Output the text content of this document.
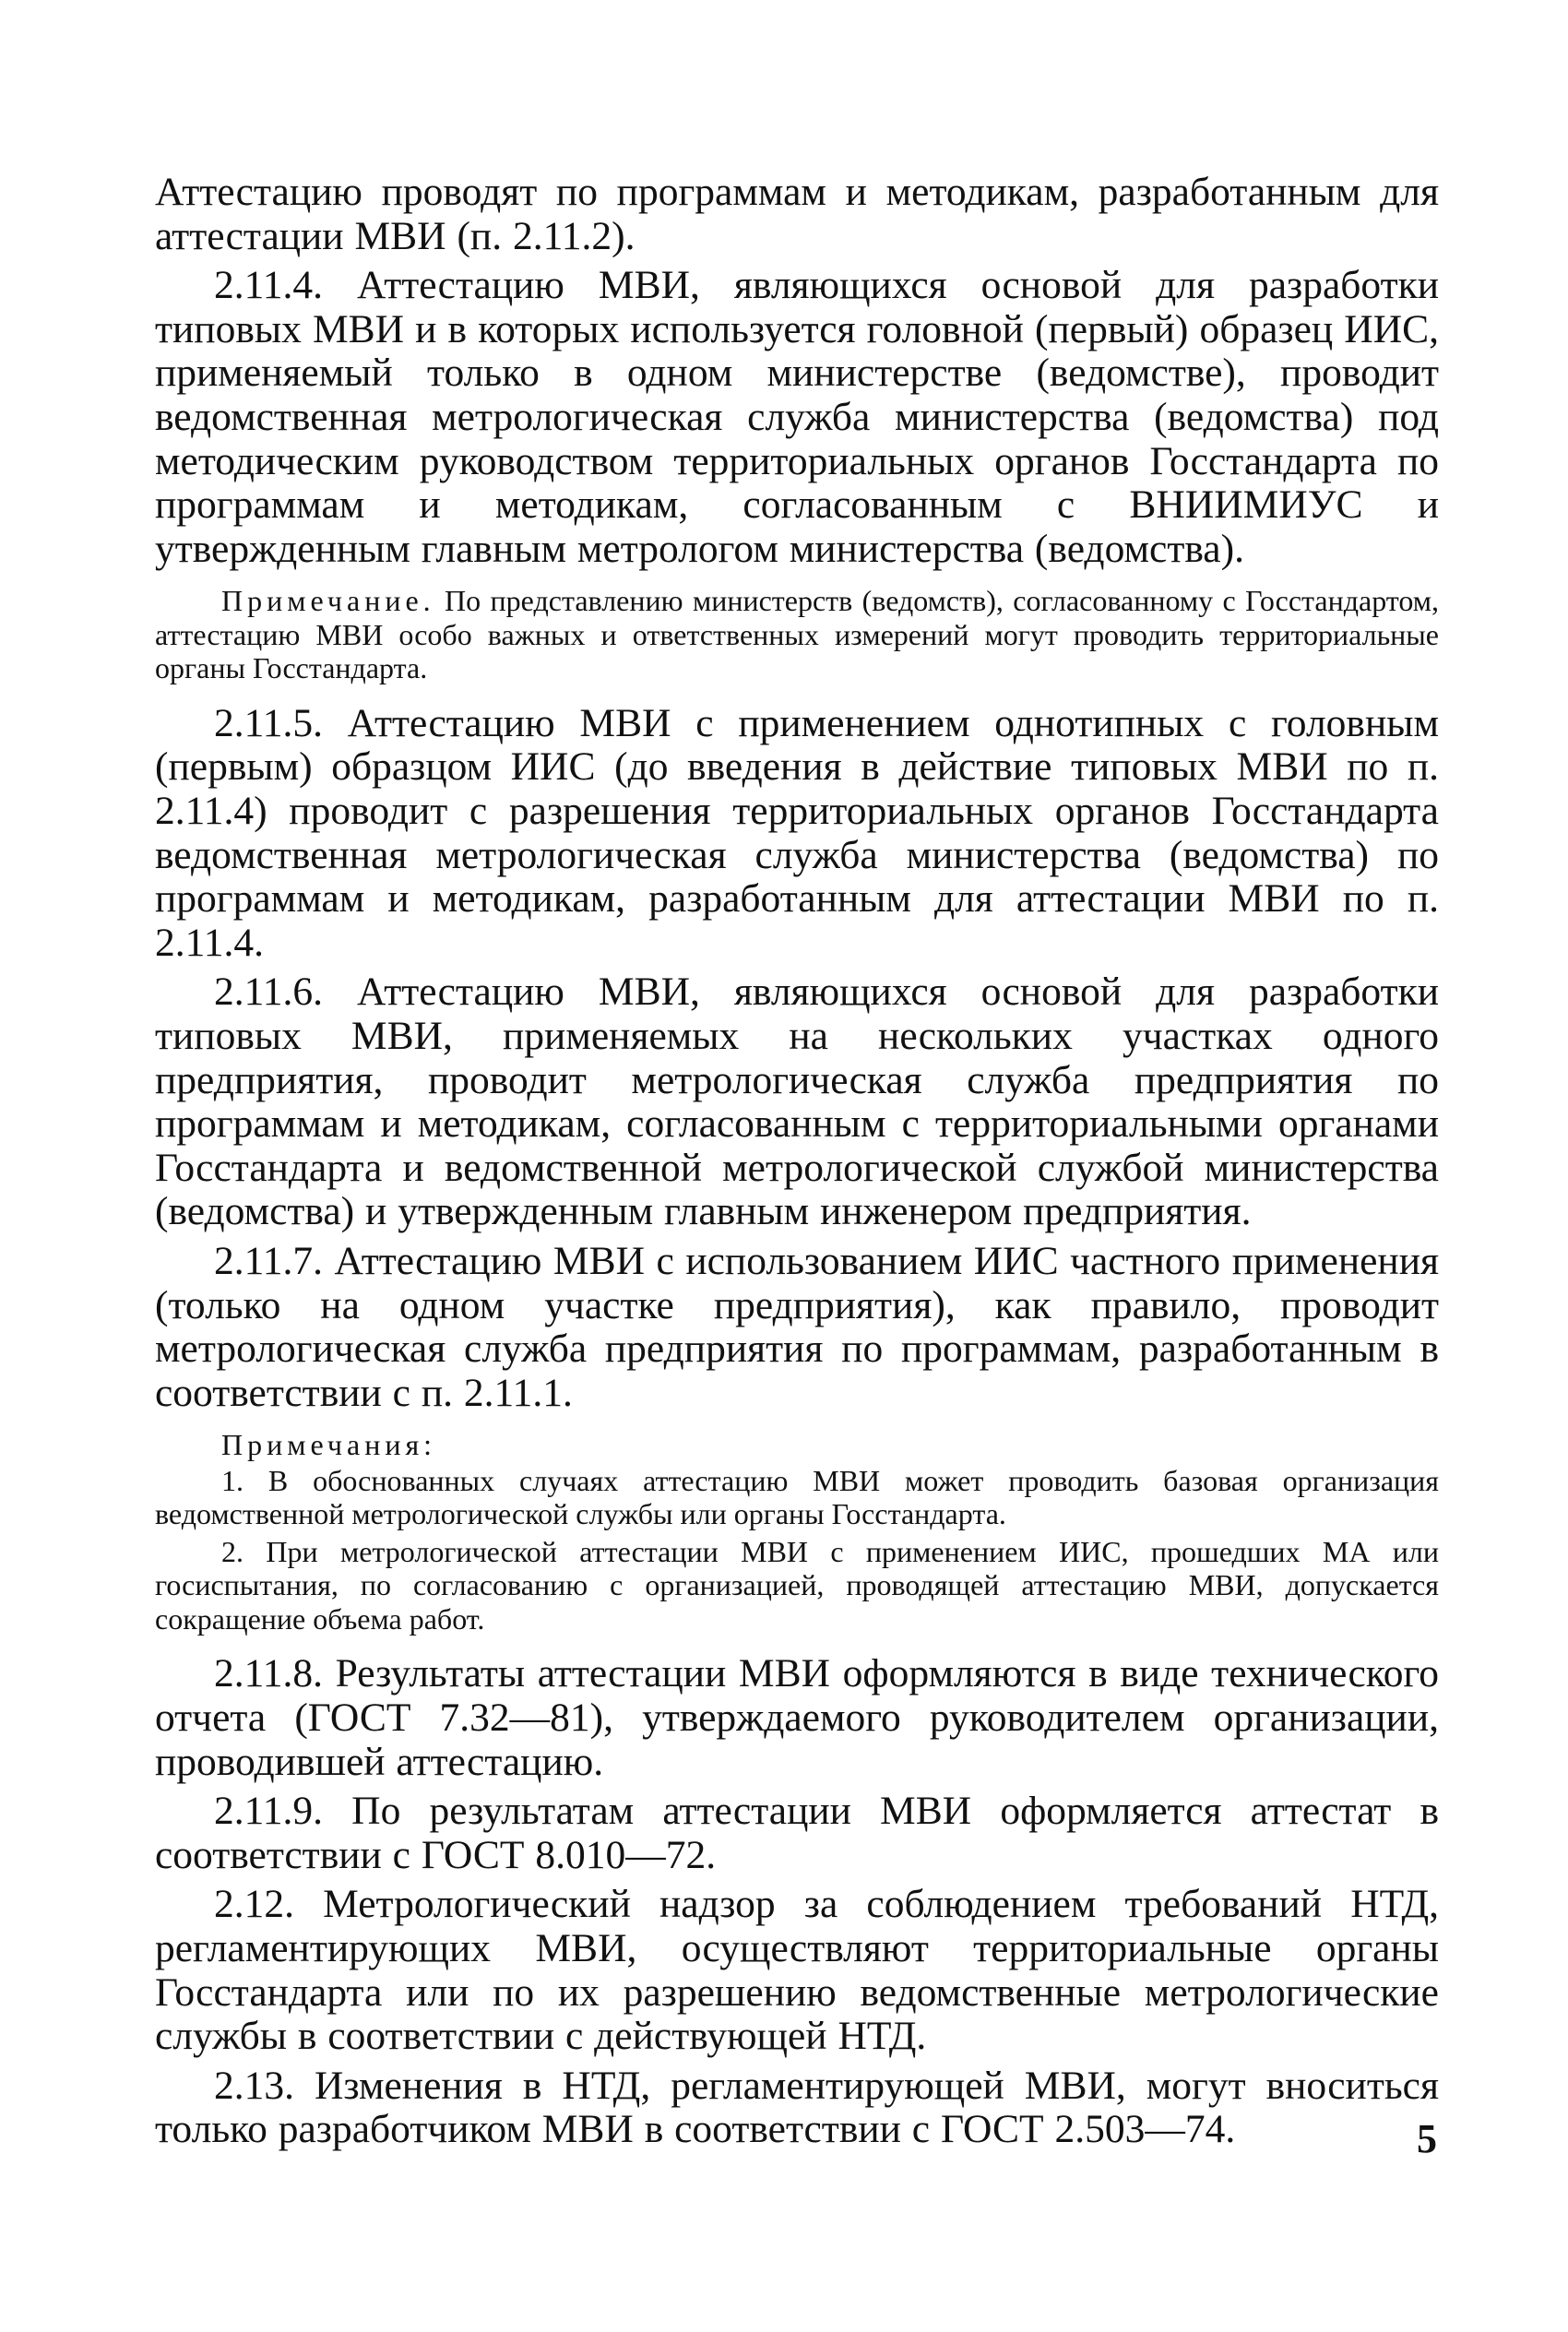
Аттестацию проводят по программам и методикам, разработанным для аттестации МВИ (п. 2.11.2).

2.11.4. Аттестацию МВИ, являющихся основой для разработки типовых МВИ и в которых используется головной (первый) образец ИИС, применяемый только в одном министерстве (ведомстве), проводит ведомственная метрологическая служба министерства (ведомства) под методическим руководством территориальных органов Госстандарта по программам и методикам, согласованным с ВНИИМИУС и утвержденным главным метрологом министерства (ведомства).

Примечание. По представлению министерств (ведомств), согласованному с Госстандартом, аттестацию МВИ особо важных и ответственных измерений могут проводить территориальные органы Госстандарта.

2.11.5. Аттестацию МВИ с применением однотипных с головным (первым) образцом ИИС (до введения в действие типовых МВИ по п. 2.11.4) проводит с разрешения территориальных органов Госстандарта ведомственная метрологическая служба министерства (ведомства) по программам и методикам, разработанным для аттестации МВИ по п. 2.11.4.

2.11.6. Аттестацию МВИ, являющихся основой для разработки типовых МВИ, применяемых на нескольких участках одного предприятия, проводит метрологическая служба предприятия по программам и методикам, согласованным с территориальными органами Госстандарта и ведомственной метрологической службой министерства (ведомства) и утвержденным главным инженером предприятия.

2.11.7. Аттестацию МВИ с использованием ИИС частного применения (только на одном участке предприятия), как правило, проводит метрологическая служба предприятия по программам, разработанным в соответствии с п. 2.11.1.

Примечания:

1. В обоснованных случаях аттестацию МВИ может проводить базовая организация ведомственной метрологической службы или органы Госстандарта.

2. При метрологической аттестации МВИ с применением ИИС, прошедших МА или госиспытания, по согласованию с организацией, проводящей аттестацию МВИ, допускается сокращение объема работ.

2.11.8. Результаты аттестации МВИ оформляются в виде технического отчета (ГОСТ 7.32—81), утверждаемого руководителем организации, проводившей аттестацию.

2.11.9. По результатам аттестации МВИ оформляется аттестат в соответствии с ГОСТ 8.010—72.

2.12. Метрологический надзор за соблюдением требований НТД, регламентирующих МВИ, осуществляют территориальные органы Госстандарта или по их разрешению ведомственные метрологические службы в соответствии с действующей НТД.

2.13. Изменения в НТД, регламентирующей МВИ, могут вноситься только разработчиком МВИ в соответствии с ГОСТ 2.503—74.	5
